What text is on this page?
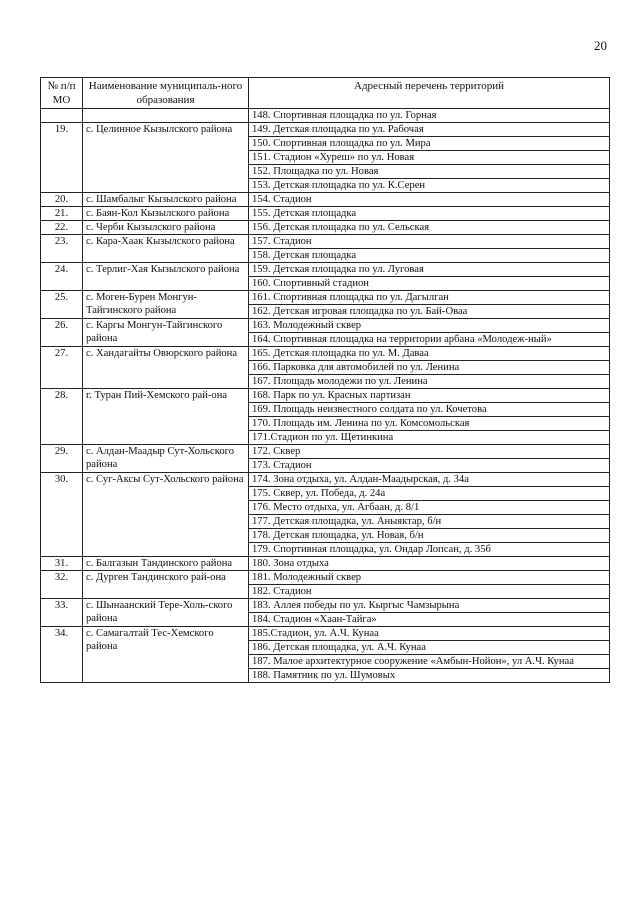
20
№ п/п МО	Наименование муниципаль-ного образования	Адресный перечень территорий
		148. Спортивная площадка по ул. Горная
19.	с. Целинное Кызылского района	149. Детская площадка по ул. Рабочая
		150. Спортивная площадка по ул. Мира
		151. Стадион «Хуреш» по ул. Новая
		152. Площадка по ул. Новая
		153. Детская площадка по ул. К.Серен
20.	с. Шамбалыг Кызылского района	154. Стадион
21.	с. Баян-Кол Кызылского района	155. Детская площадка
22.	с. Черби Кызылского района	156. Детская площадка по ул. Сельская
23.	с. Кара-Хаак Кызылского района	157. Стадион
		158. Детская площадка
24.	с. Терлиг-Хая Кызылского района	159. Детская площадка по ул. Луговая
		160. Спортивный стадион
25.	с. Моген-Бурен Монгун-Тайгинского района	161. Спортивная площадка по ул. Дагылган
		162. Детская игровая площадка по ул. Бай-Оваа
26.	с. Каргы Монгун-Тайгинского района	163. Молодежный сквер
		164. Спортивная площадка на территории арбана «Молодеж-ный»
27.	с. Хандагайты Овюрского района	165. Детская площадка по ул. М. Даваа
		166. Парковка для автомобилей по ул. Ленина
		167. Площадь молодежи по ул. Ленина
28.	г. Туран Пий-Хемского рай-она	168. Парк по ул. Красных партизан
		169. Площадь неизвестного солдата по ул. Кочетова
		170. Площадь им. Ленина по ул. Комсомольская
		171.Стадион по ул. Щетинкина
29.	с. Алдан-Маадыр Сут-Хольского района	172. Сквер
		173. Стадион
30.	с. Суг-Аксы Сут-Хольского района	174. Зона отдыха, ул. Алдан-Маадырская, д. 34а
		175. Сквер, ул. Победа, д. 24а
		176. Место отдыха, ул. Агбаан, д. 8/1
		177. Детская площадка, ул. Аныяктар, б/н
		178. Детская площадка, ул. Новая, б/н
		179. Спортивная площадка, ул. Ондар Лопсан, д. 35б
31.	с. Балгазын Тандинского района	180. Зона отдыха
32.	с. Дурген Тандинского рай-она	181. Молодежный сквер
		182. Стадион
33.	с. Шынаанский Тере-Холь-ского района	183. Аллея победы по ул. Кыргыс Чамзырына
		184. Стадион «Хаан-Тайга»
34.	с. Самагалтай Тес-Хемского района	185.Стадион, ул. А.Ч. Кунаа
		186. Детская площадка, ул. А.Ч. Кунаа
		187. Малое архитектурное сооружение «Амбын-Нойон», ул А.Ч. Кунаа
		188. Памятник по ул. Шумовых
